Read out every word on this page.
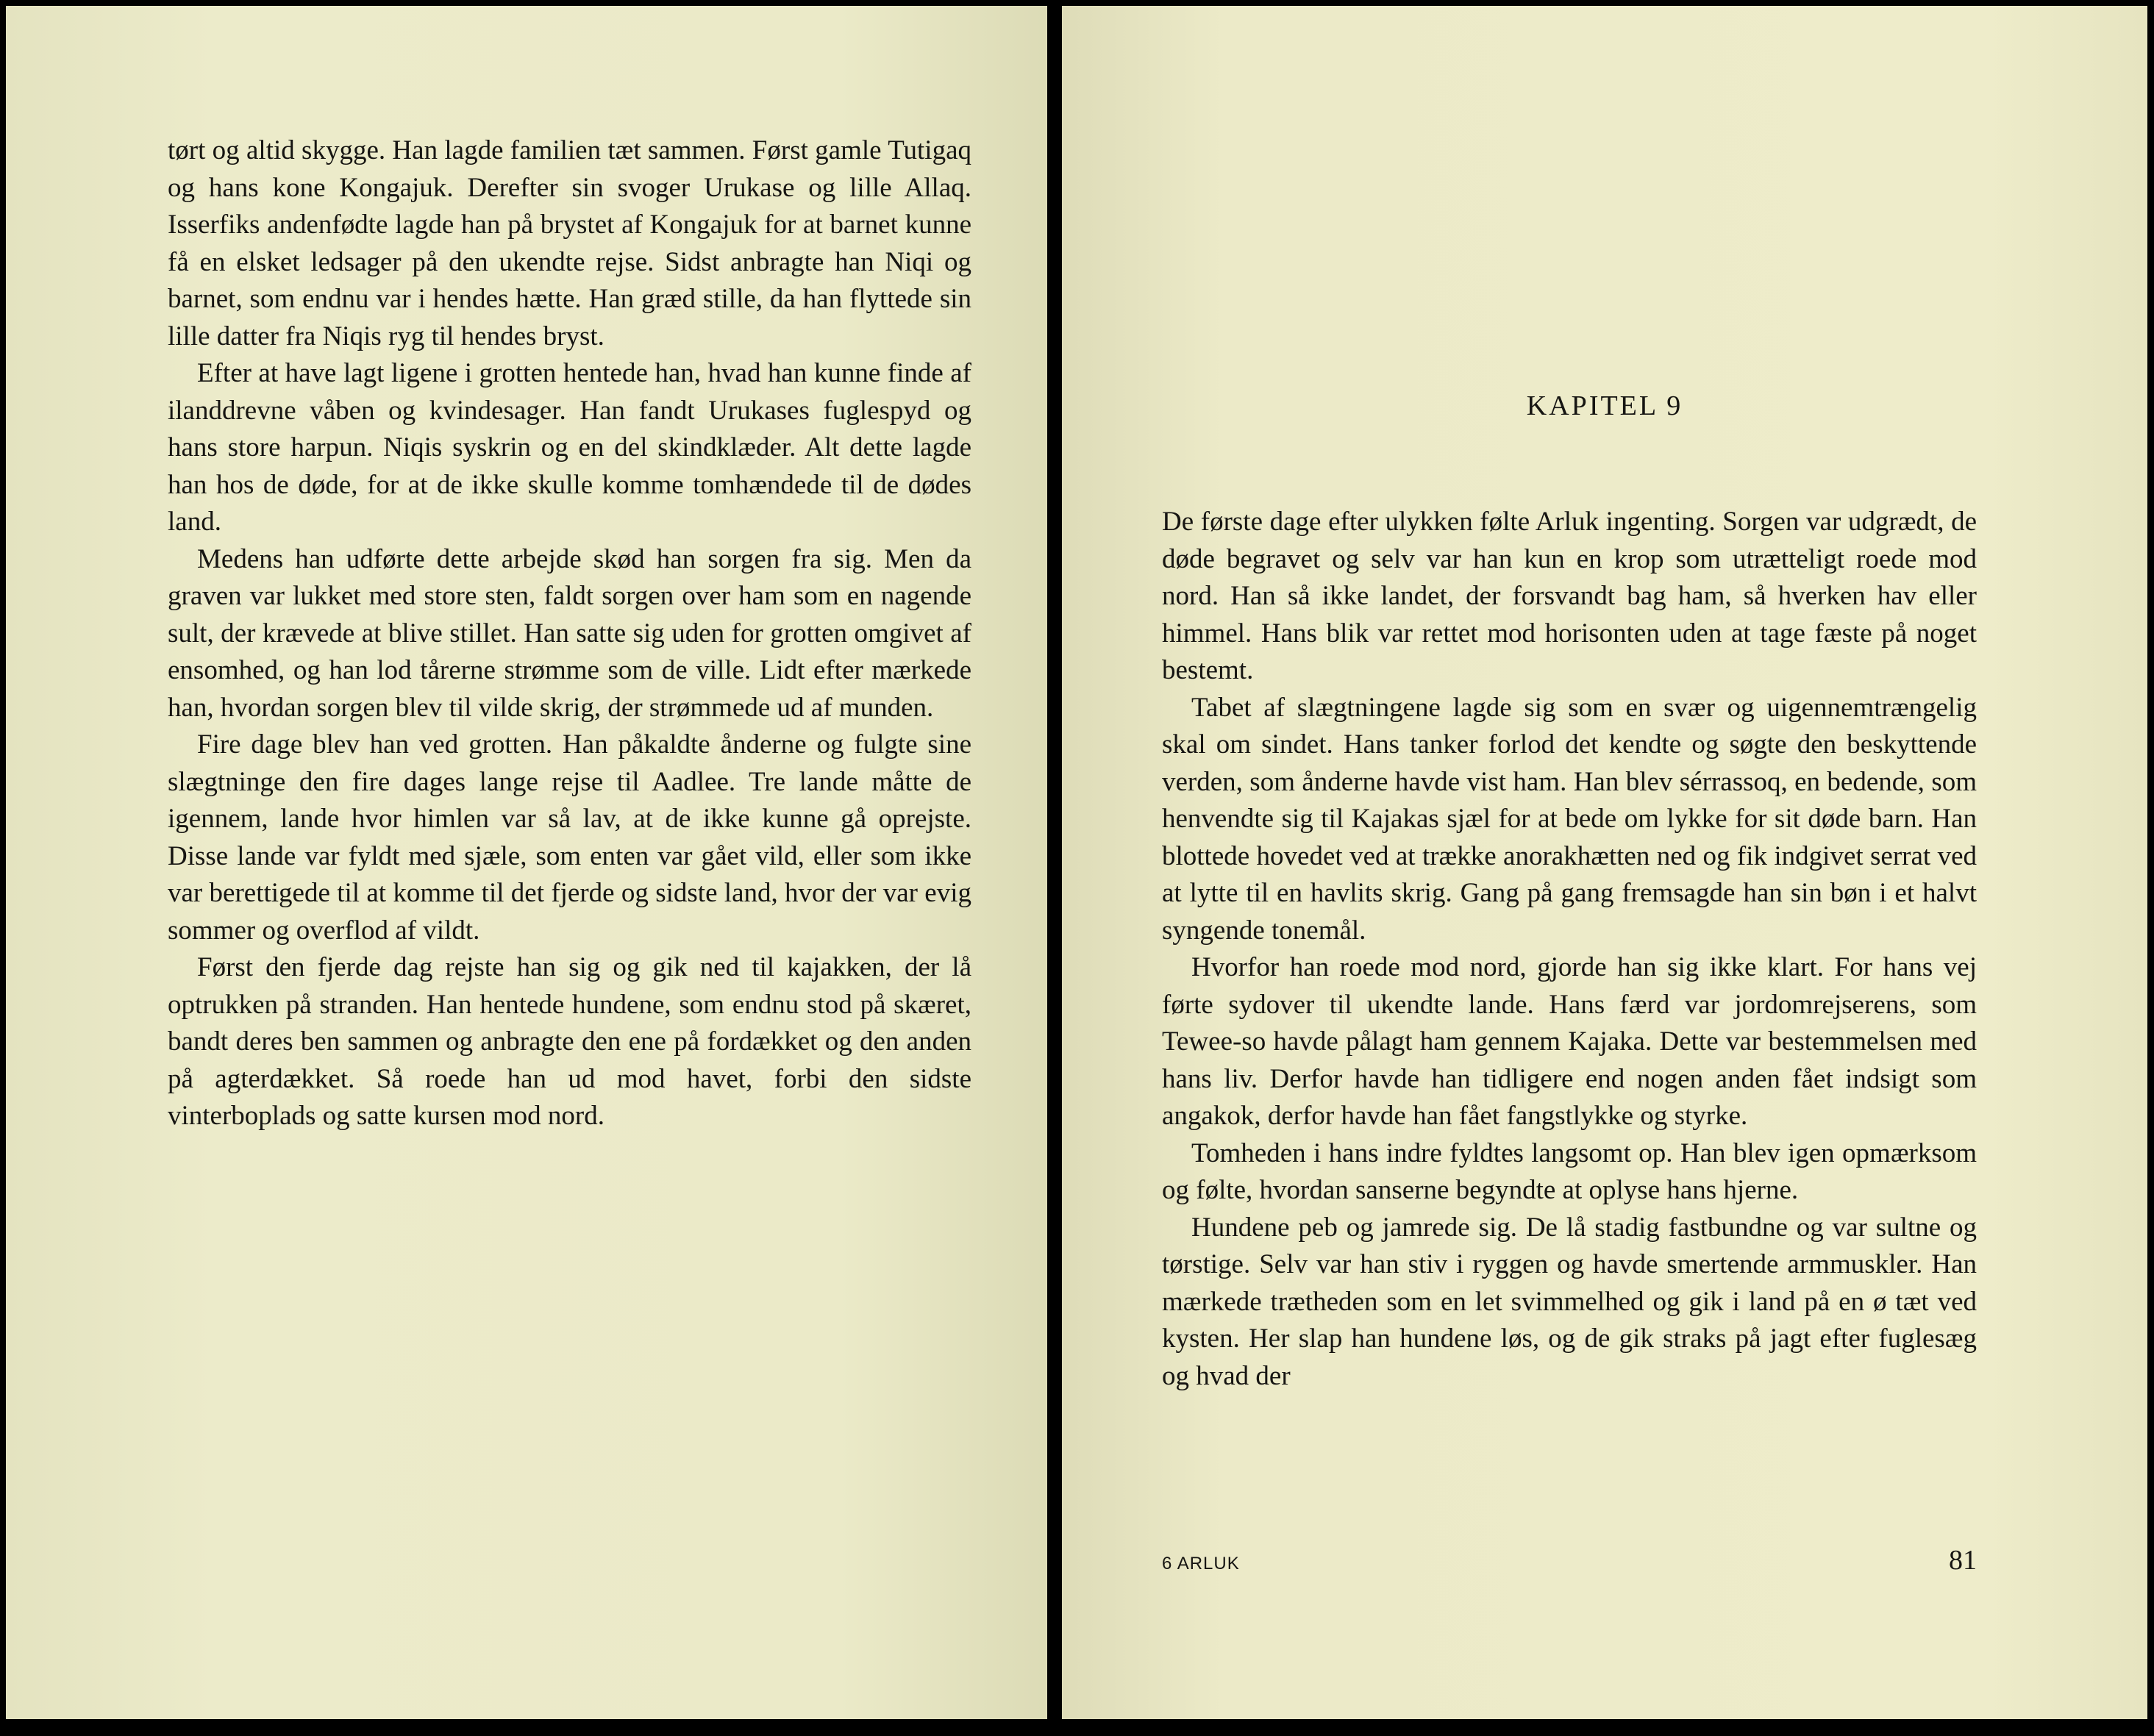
tørt og altid skygge. Han lagde familien tæt sammen. Først gamle Tutigaq og hans kone Kongajuk. Derefter sin svoger Urukase og lille Allaq. Isserfiks andenfødte lagde han på brystet af Kongajuk for at barnet kunne få en elsket ledsager på den ukendte rejse. Sidst anbragte han Niqi og barnet, som endnu var i hendes hætte. Han græd stille, da han flyttede sin lille datter fra Niqis ryg til hendes bryst.

Efter at have lagt ligene i grotten hentede han, hvad han kunne finde af ilanddrevne våben og kvindesager. Han fandt Urukases fuglespyd og hans store harpun. Niqis syskrin og en del skindklæder. Alt dette lagde han hos de døde, for at de ikke skulle komme tomhændede til de dødes land.

Medens han udførte dette arbejde skød han sorgen fra sig. Men da graven var lukket med store sten, faldt sorgen over ham som en nagende sult, der krævede at blive stillet. Han satte sig uden for grotten omgivet af ensomhed, og han lod tårerne strømme som de ville. Lidt efter mærkede han, hvordan sorgen blev til vilde skrig, der strømmede ud af munden.

Fire dage blev han ved grotten. Han påkaldte ånderne og fulgte sine slægtninge den fire dages lange rejse til Aadlee. Tre lande måtte de igennem, lande hvor himlen var så lav, at de ikke kunne gå oprejste. Disse lande var fyldt med sjæle, som enten var gået vild, eller som ikke var berettigede til at komme til det fjerde og sidste land, hvor der var evig sommer og overflod af vildt.

Først den fjerde dag rejste han sig og gik ned til kajakken, der lå optrukken på stranden. Han hentede hundene, som endnu stod på skæret, bandt deres ben sammen og anbragte den ene på fordækket og den anden på agterdækket. Så roede han ud mod havet, forbi den sidste vinterboplads og satte kursen mod nord.

KAPITEL 9

De første dage efter ulykken følte Arluk ingenting. Sorgen var udgrædt, de døde begravet og selv var han kun en krop som utrætteligt roede mod nord. Han så ikke landet, der forsvandt bag ham, så hverken hav eller himmel. Hans blik var rettet mod horisonten uden at tage fæste på noget bestemt.

Tabet af slægtningene lagde sig som en svær og uigennemtrængelig skal om sindet. Hans tanker forlod det kendte og søgte den beskyttende verden, som ånderne havde vist ham. Han blev sérrassoq, en bedende, som henvendte sig til Kajakas sjæl for at bede om lykke for sit døde barn. Han blottede hovedet ved at trække anorakhætten ned og fik indgivet serrat ved at lytte til en havlits skrig. Gang på gang fremsagde han sin bøn i et halvt syngende tonemål.

Hvorfor han roede mod nord, gjorde han sig ikke klart. For hans vej førte sydover til ukendte lande. Hans færd var jordomrejserens, som Tewee-so havde pålagt ham gennem Kajaka. Dette var bestemmelsen med hans liv. Derfor havde han tidligere end nogen anden fået indsigt som angakok, derfor havde han fået fangstlykke og styrke.

Tomheden i hans indre fyldtes langsomt op. Han blev igen opmærksom og følte, hvordan sanserne begyndte at oplyse hans hjerne.

Hundene peb og jamrede sig. De lå stadig fastbundne og var sultne og tørstige. Selv var han stiv i ryggen og havde smertende armmuskler. Han mærkede trætheden som en let svimmelhed og gik i land på en ø tæt ved kysten. Her slap han hundene løs, og de gik straks på jagt efter fuglesæg og hvad der

6 ARLUK	81
